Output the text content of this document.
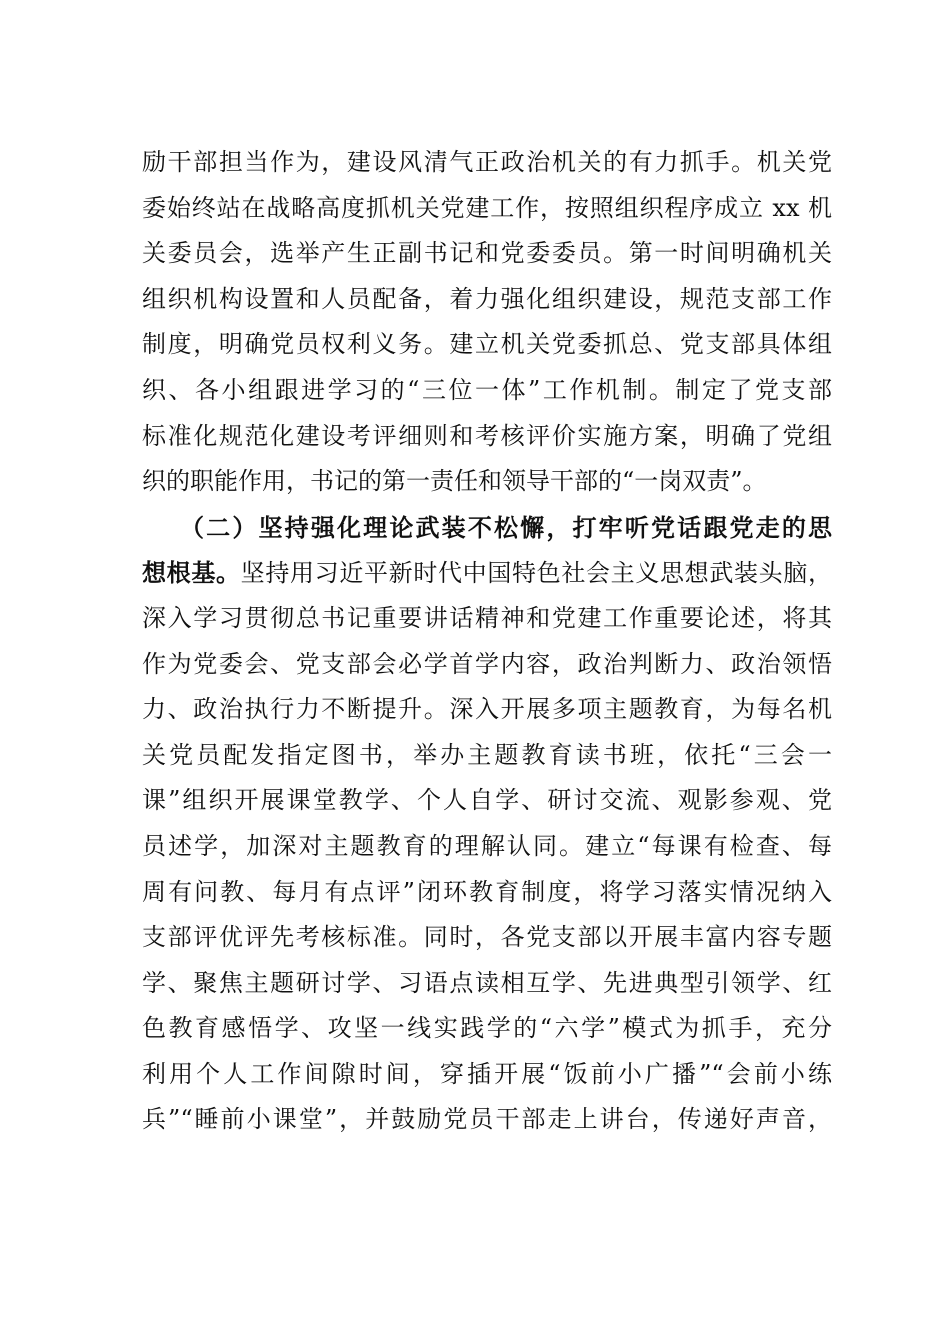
励干部担当作为，建设风清气正政治机关的有力抓手。机关党
委始终站在战略高度抓机关党建工作，按照组织程序成立 xx 机
关委员会，选举产生正副书记和党委委员。第一时间明确机关
组织机构设置和人员配备，着力强化组织建设，规范支部工作
制度，明确党员权利义务。建立机关党委抓总、党支部具体组
织、各小组跟进学习的“三位一体”工作机制。制定了党支部
标准化规范化建设考评细则和考核评价实施方案，明确了党组
织的职能作用，书记的第一责任和领导干部的“一岗双责”。
（二）坚持强化理论武装不松懈，打牢听党话跟党走的思
想根基。坚持用习近平新时代中国特色社会主义思想武装头脑，
深入学习贯彻总书记重要讲话精神和党建工作重要论述，将其
作为党委会、党支部会必学首学内容，政治判断力、政治领悟
力、政治执行力不断提升。深入开展多项主题教育，为每名机
关党员配发指定图书，举办主题教育读书班，依托“三会一
课”组织开展课堂教学、个人自学、研讨交流、观影参观、党
员述学，加深对主题教育的理解认同。建立“每课有检查、每
周有问教、每月有点评”闭环教育制度，将学习落实情况纳入
支部评优评先考核标准。同时，各党支部以开展丰富内容专题
学、聚焦主题研讨学、习语点读相互学、先进典型引领学、红
色教育感悟学、攻坚一线实践学的“六学”模式为抓手，充分
利用个人工作间隙时间，穿插开展“饭前小广播”“会前小练
兵”“睡前小课堂”，并鼓励党员干部走上讲台，传递好声音，
